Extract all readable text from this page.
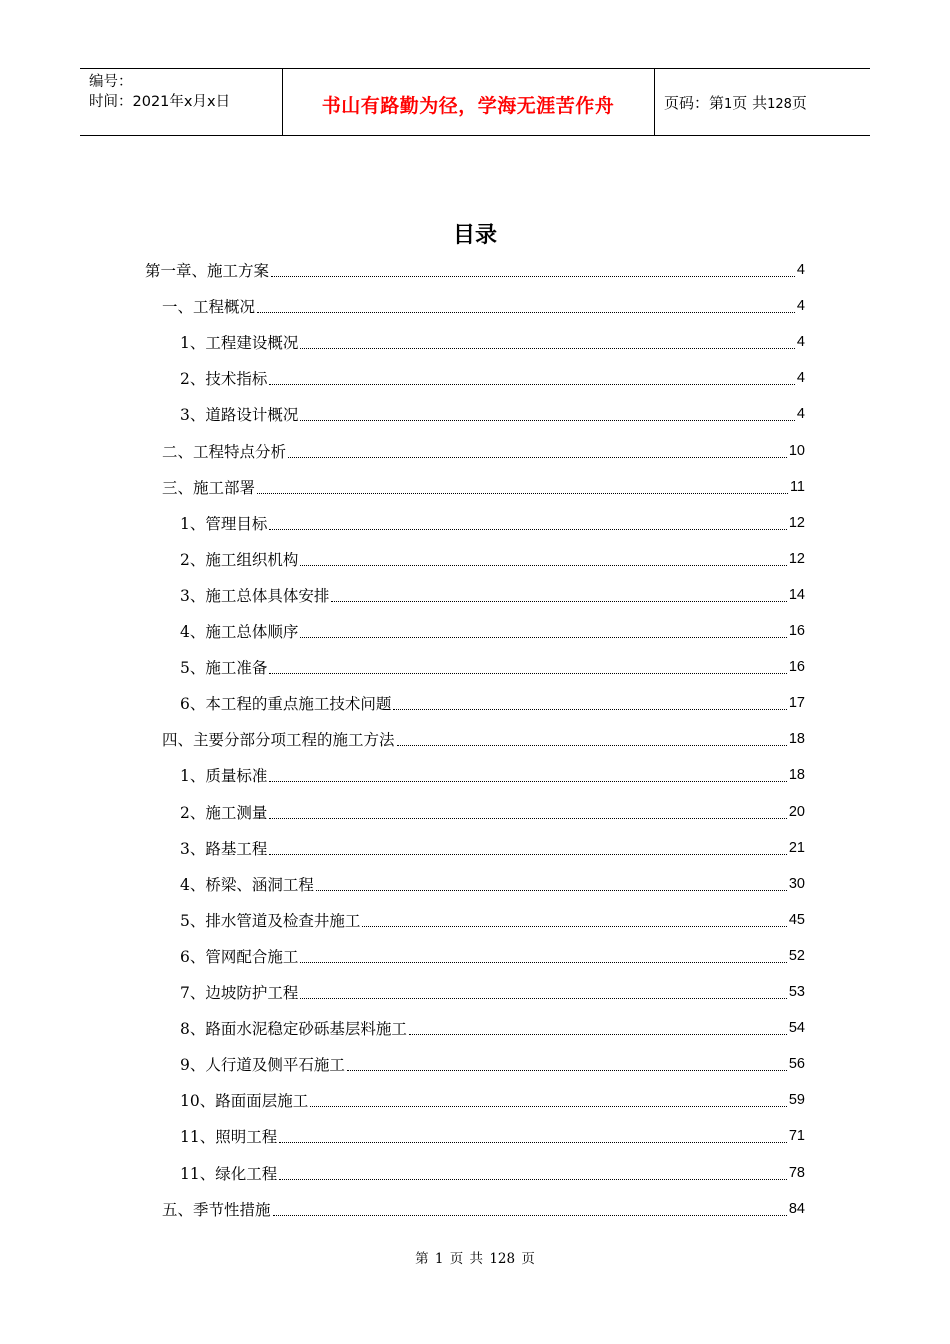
编号：
时间：2021年x月x日	书山有路勤为径，学海无涯苦作舟	页码：第1页 共128页
目录
第一章、施工方案	4
一、工程概况	4
1、工程建设概况	4
2、技术指标	4
3、道路设计概况	4
二、工程特点分析	10
三、施工部署	11
1、管理目标	12
2、施工组织机构	12
3、施工总体具体安排	14
4、施工总体顺序	16
5、施工准备	16
6、本工程的重点施工技术问题	17
四、主要分部分项工程的施工方法	18
1、质量标准	18
2、施工测量	20
3、路基工程	21
4、桥梁、涵洞工程	30
5、排水管道及检查井施工	45
6、管网配合施工	52
7、边坡防护工程	53
8、路面水泥稳定砂砾基层料施工	54
9、人行道及侧平石施工	56
10、路面面层施工	59
11、照明工程	71
11、绿化工程	78
五、季节性措施	84
第 1 页 共 128 页
